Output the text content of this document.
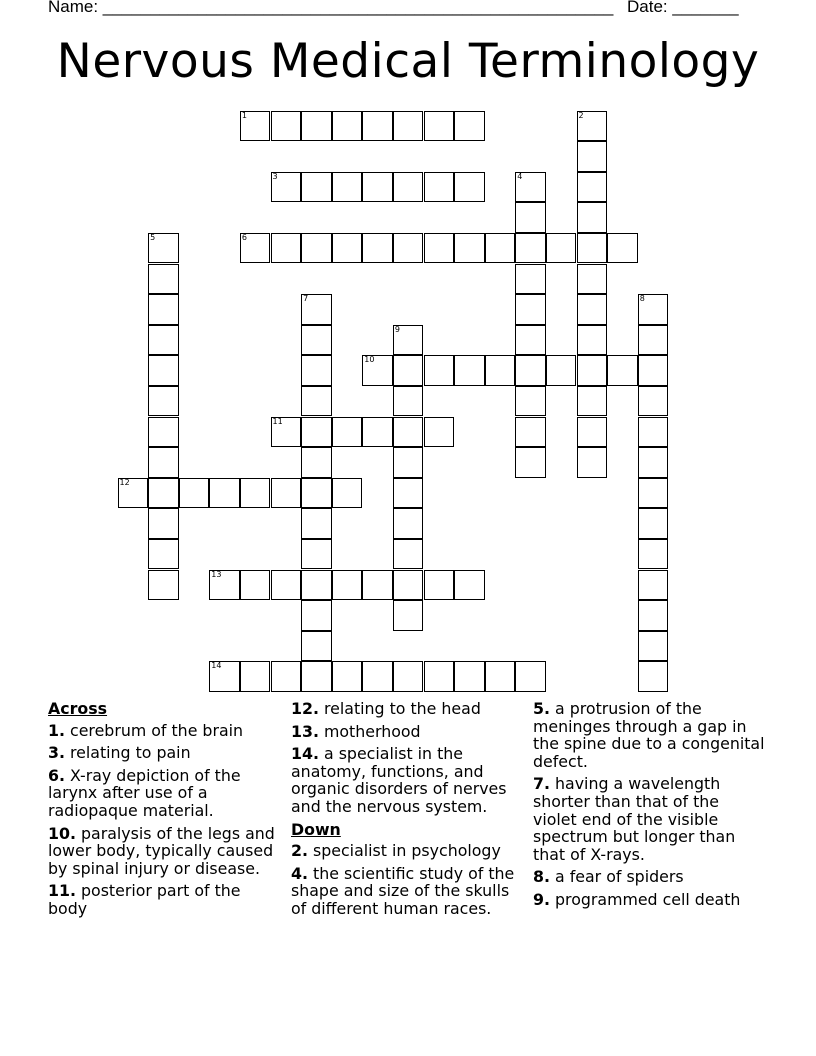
Name: ______________________________________________________ Date: _______
Nervous Medical Terminology
1	2
3	4
5	6
7	8
9
10
11
12
13
14
Across
1. cerebrum of the brain
3. relating to pain
6. X-ray depiction of the larynx after use of a radiopaque material.
10. paralysis of the legs and lower body, typically caused by spinal injury or disease.
11. posterior part of the body
12. relating to the head
13. motherhood
14. a specialist in the anatomy, functions, and organic disorders of nerves and the nervous system.
Down
2. specialist in psychology
4. the scientific study of the shape and size of the skulls of different human races.
5. a protrusion of the meninges through a gap in the spine due to a congenital defect.
7. having a wavelength shorter than that of the violet end of the visible spectrum but longer than that of X-rays.
8. a fear of spiders
9. programmed cell death
